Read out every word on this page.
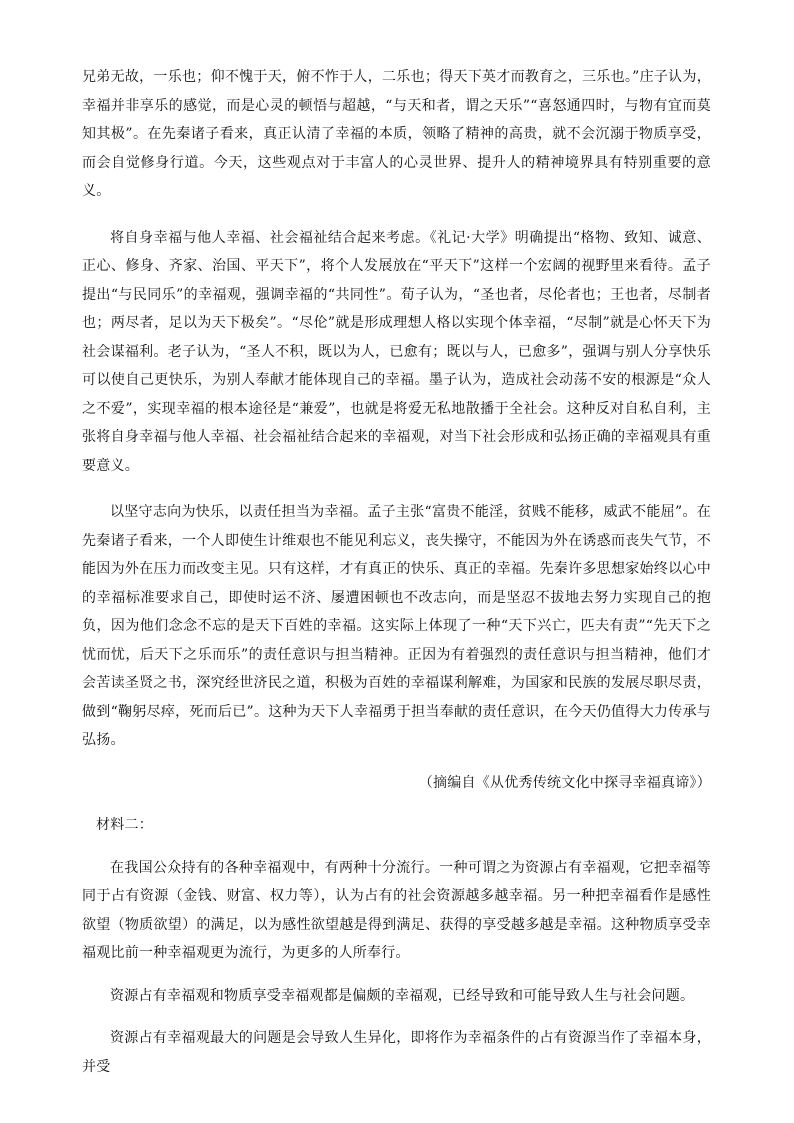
兄弟无故，一乐也；仰不愧于天，俯不怍于人，二乐也；得天下英才而教育之，三乐也。”庄子认为，幸福并非享乐的感觉，而是心灵的顿悟与超越，“与天和者，谓之天乐”“喜怒通四时，与物有宜而莫知其极”。在先秦诸子看来，真正认清了幸福的本质，领略了精神的高贵，就不会沉溺于物质享受，而会自觉修身行道。今天，这些观点对于丰富人的心灵世界、提升人的精神境界具有特别重要的意义。

将自身幸福与他人幸福、社会福祉结合起来考虑。《礼记·大学》明确提出“格物、致知、诚意、正心、修身、齐家、治国、平天下”，将个人发展放在“平天下”这样一个宏阔的视野里来看待。孟子提出“与民同乐”的幸福观，强调幸福的“共同性”。荀子认为，“圣也者，尽伦者也；王也者，尽制者也；两尽者，足以为天下极矣”。“尽伦”就是形成理想人格以实现个体幸福，“尽制”就是心怀天下为社会谋福利。老子认为，“圣人不积，既以为人，已愈有；既以与人，已愈多”，强调与别人分享快乐可以使自己更快乐，为别人奉献才能体现自己的幸福。墨子认为，造成社会动荡不安的根源是“众人之不爱”，实现幸福的根本途径是“兼爱”，也就是将爱无私地散播于全社会。这种反对自私自利，主张将自身幸福与他人幸福、社会福祉结合起来的幸福观，对当下社会形成和弘扬正确的幸福观具有重要意义。

以坚守志向为快乐，以责任担当为幸福。孟子主张“富贵不能淫，贫贱不能移，威武不能屈”。在先秦诸子看来，一个人即使生计维艰也不能见利忘义，丧失操守，不能因为外在诱惑而丧失气节，不能因为外在压力而改变主见。只有这样，才有真正的快乐、真正的幸福。先秦许多思想家始终以心中的幸福标准要求自己，即使时运不济、屡遭困顿也不改志向，而是坚忍不拔地去努力实现自己的抱负，因为他们念念不忘的是天下百姓的幸福。这实际上体现了一种“天下兴亡，匹夫有责”“先天下之忧而忧，后天下之乐而乐”的责任意识与担当精神。正因为有着强烈的责任意识与担当精神，他们才会苦读圣贤之书，深究经世济民之道，积极为百姓的幸福谋利解难，为国家和民族的发展尽职尽责，做到“鞠躬尽瘁，死而后已”。这种为天下人幸福勇于担当奉献的责任意识，在今天仍值得大力传承与弘扬。

（摘编自《从优秀传统文化中探寻幸福真谛》）

材料二：

在我国公众持有的各种幸福观中，有两种十分流行。一种可谓之为资源占有幸福观，它把幸福等同于占有资源（金钱、财富、权力等），认为占有的社会资源越多越幸福。另一种把幸福看作是感性欲望（物质欲望）的满足，以为感性欲望越是得到满足、获得的享受越多越是幸福。这种物质享受幸福观比前一种幸福观更为流行，为更多的人所奉行。

资源占有幸福观和物质享受幸福观都是偏颇的幸福观，已经导致和可能导致人生与社会问题。

资源占有幸福观最大的问题是会导致人生异化，即将作为幸福条件的占有资源当作了幸福本身，并受
